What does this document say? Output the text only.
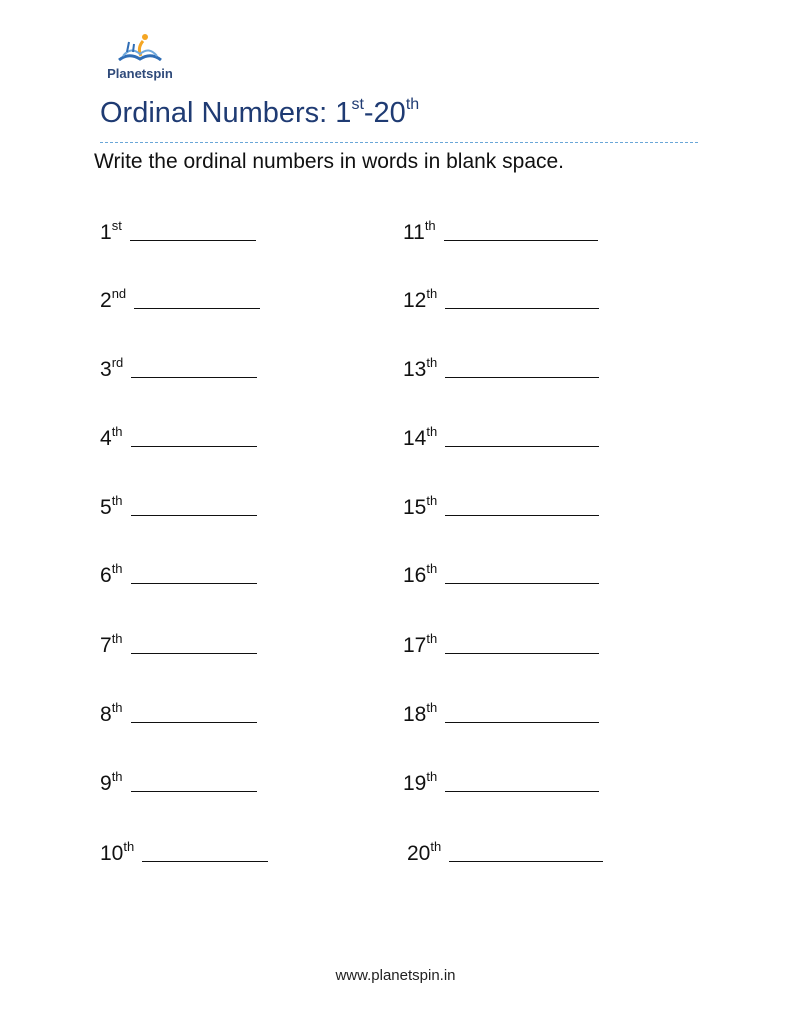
Planetspin
Ordinal Numbers: 1st-20th
Write the ordinal numbers in words in blank space.
1st
2nd
3rd
4th
5th
6th
7th
8th
9th
10th
11th
12th
13th
14th
15th
16th
17th
18th
19th
20th
www.planetspin.in
